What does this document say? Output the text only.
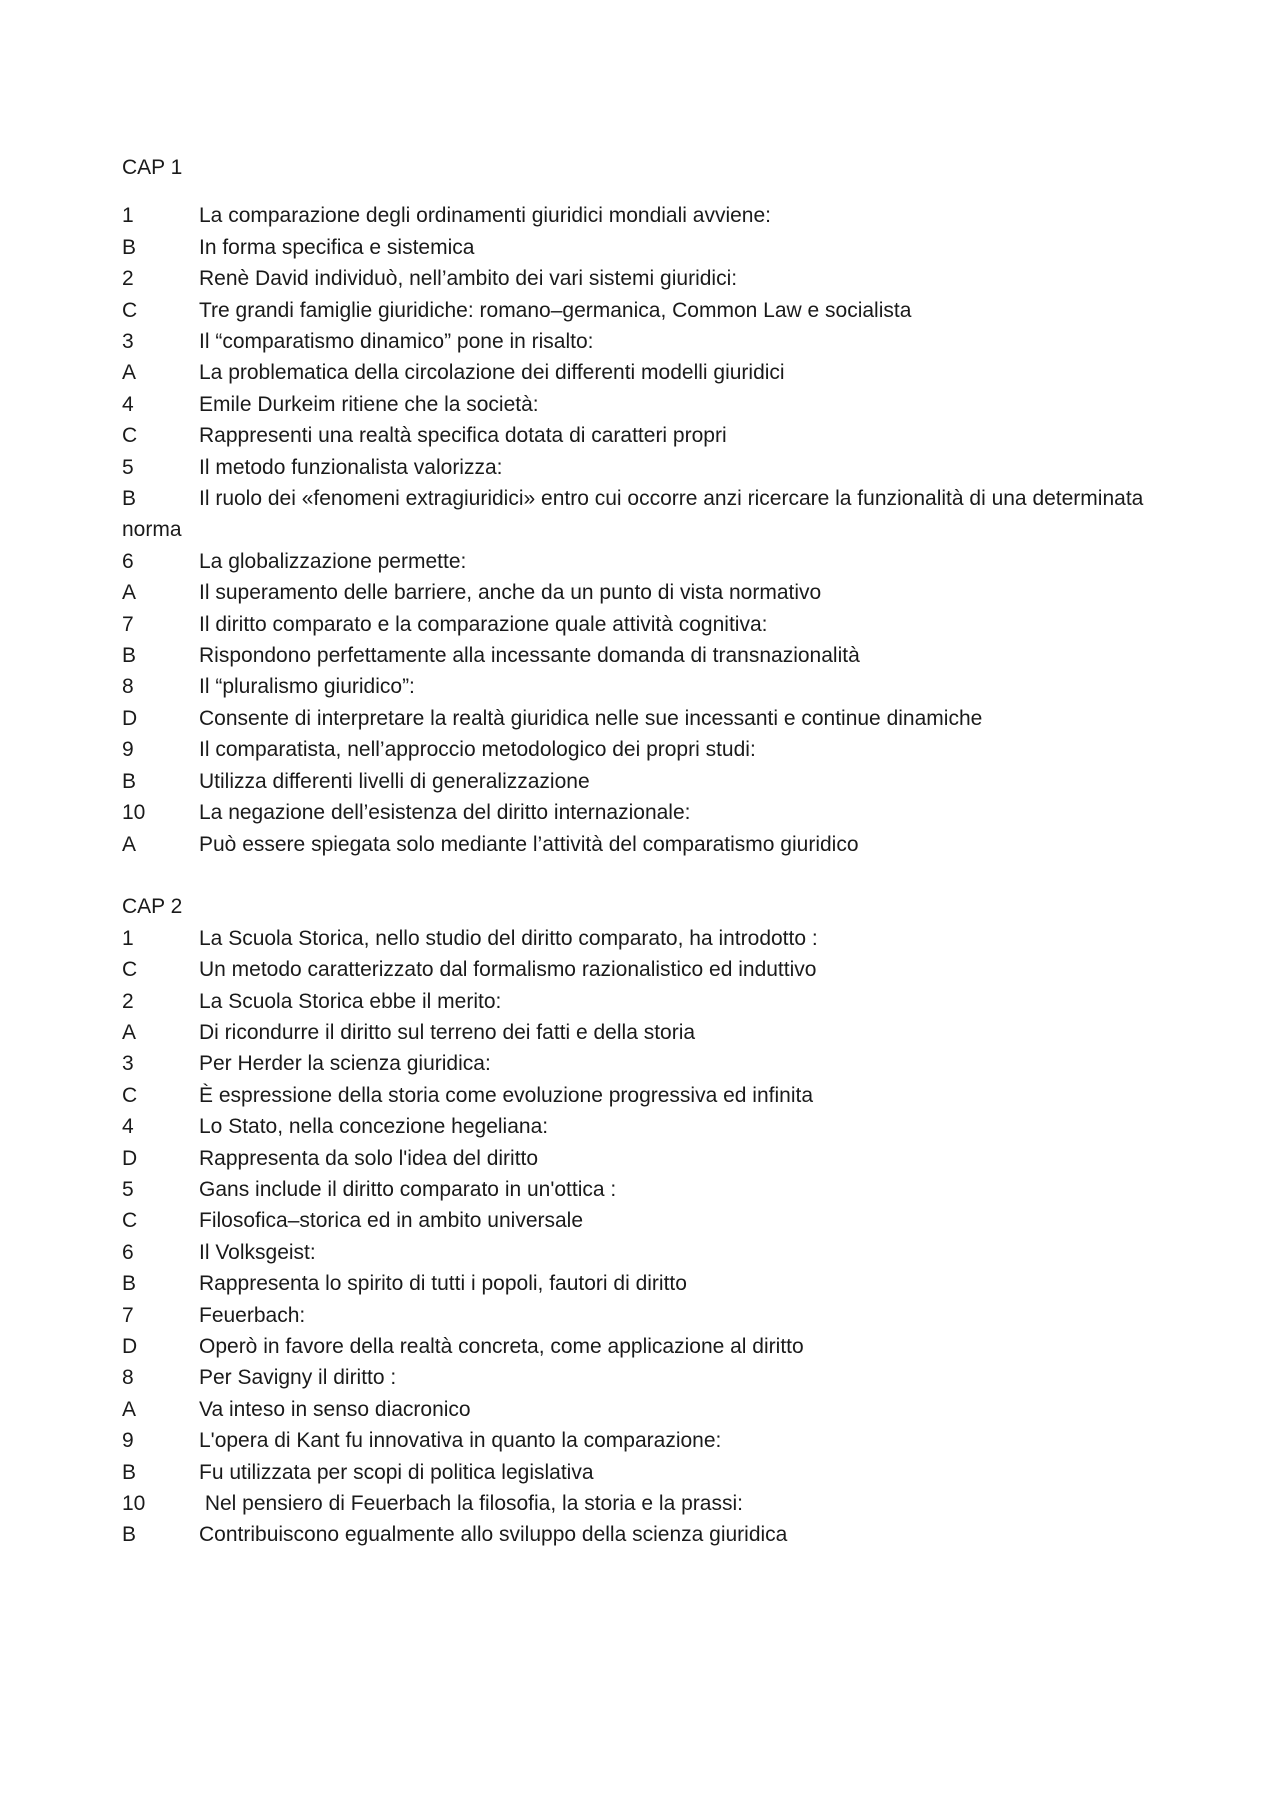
CAP 1
1	La comparazione degli ordinamenti giuridici mondiali avviene:
B	In forma specifica e sistemica
2	Renè David individuò, nell’ambito dei vari sistemi giuridici:
C	Tre grandi famiglie giuridiche: romano–germanica, Common Law e socialista
3	Il “comparatismo dinamico” pone in risalto:
A	La problematica della circolazione dei differenti modelli giuridici
4	Emile Durkeim ritiene che la società:
C	Rappresenti una realtà specifica dotata di caratteri propri
5	Il metodo funzionalista valorizza:
B	Il ruolo dei «fenomeni extragiuridici» entro cui occorre anzi ricercare la funzionalità di una determinata norma
6	La globalizzazione permette:
A	Il superamento delle barriere, anche da un punto di vista normativo
7	Il diritto comparato e la comparazione quale attività cognitiva:
B	Rispondono perfettamente alla incessante domanda di transnazionalità
8	Il “pluralismo giuridico”:
D	Consente di interpretare la realtà giuridica nelle sue incessanti e continue dinamiche
9	Il comparatista, nell’approccio metodologico dei propri studi:
B	Utilizza differenti livelli di generalizzazione
10	La negazione dell’esistenza del diritto internazionale:
A	Può essere spiegata solo mediante l’attività del comparatismo giuridico
CAP 2
1	La Scuola Storica, nello studio del diritto comparato, ha introdotto :
C	Un metodo caratterizzato dal formalismo razionalistico ed induttivo
2	La Scuola Storica ebbe il merito:
A	Di ricondurre il diritto sul terreno dei fatti e della storia
3	Per Herder la scienza giuridica:
C	È espressione della storia come evoluzione progressiva ed infinita
4	Lo Stato, nella concezione hegeliana:
D	Rappresenta da solo l'idea del diritto
5	Gans include il diritto comparato in un'ottica :
C	Filosofica–storica ed in ambito universale
6	Il Volksgeist:
B	Rappresenta lo spirito di tutti i popoli, fautori di diritto
7	Feuerbach:
D	Operò in favore della realtà concreta, come applicazione al diritto
8	Per Savigny il diritto :
A	Va inteso in senso diacronico
9	L'opera di Kant fu innovativa in quanto la comparazione:
B	Fu utilizzata per scopi di politica legislativa
10	Nel pensiero di Feuerbach la filosofia, la storia e la prassi:
B	Contribuiscono egualmente allo sviluppo della scienza giuridica
